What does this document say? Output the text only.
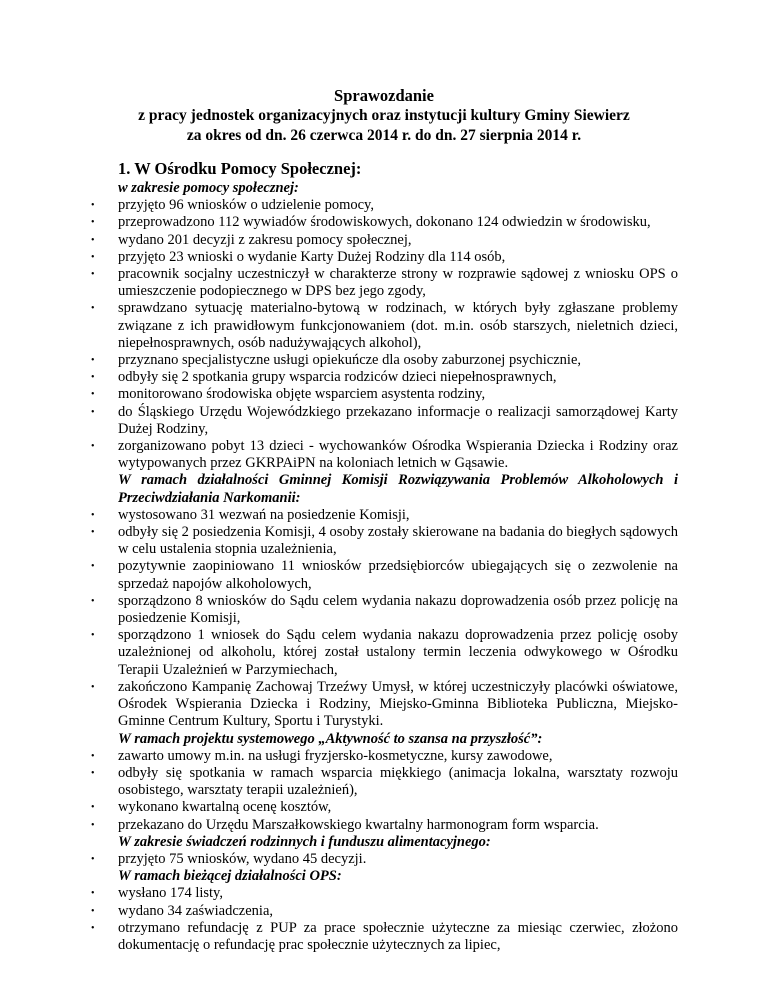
Sprawozdanie
z pracy jednostek organizacyjnych oraz instytucji kultury Gminy Siewierz
za okres od dn. 26 czerwca 2014 r. do dn. 27 sierpnia 2014 r.
1. W Ośrodku Pomocy Społecznej:
w zakresie pomocy społecznej:
• przyjęto 96 wniosków o udzielenie pomocy,
• przeprowadzono 112 wywiadów środowiskowych, dokonano 124 odwiedzin w środowisku,
• wydano 201 decyzji z zakresu pomocy społecznej,
• przyjęto 23 wnioski o wydanie Karty Dużej Rodziny dla 114 osób,
• pracownik socjalny uczestniczył w charakterze strony w rozprawie sądowej z wniosku OPS o umieszczenie podopiecznego w DPS bez jego zgody,
• sprawdzano sytuację materialno-bytową w rodzinach, w których były zgłaszane problemy związane z ich prawidłowym funkcjonowaniem (dot. m.in. osób starszych, nieletnich dzieci, niepełnosprawnych, osób nadużywających alkohol),
• przyznano specjalistyczne usługi opiekuńcze dla osoby zaburzonej psychicznie,
• odbyły się 2 spotkania grupy wsparcia rodziców dzieci niepełnosprawnych,
• monitorowano środowiska objęte wsparciem asystenta rodziny,
• do Śląskiego Urzędu Wojewódzkiego przekazano informacje o realizacji samorządowej Karty Dużej Rodziny,
• zorganizowano pobyt 13 dzieci - wychowanków Ośrodka Wspierania Dziecka i Rodziny oraz wytypowanych przez GKRPAiPN na koloniach letnich w Gąsawie.
W ramach działalności Gminnej Komisji Rozwiązywania Problemów Alkoholowych i Przeciwdziałania Narkomanii:
• wystosowano 31 wezwań na posiedzenie Komisji,
• odbyły się 2 posiedzenia Komisji, 4 osoby zostały skierowane na badania do biegłych sądowych w celu ustalenia stopnia uzależnienia,
• pozytywnie zaopiniowano 11 wniosków przedsiębiorców ubiegających się o zezwolenie na sprzedaż napojów alkoholowych,
• sporządzono 8 wniosków do Sądu celem wydania nakazu doprowadzenia osób przez policję na posiedzenie Komisji,
• sporządzono 1 wniosek do Sądu celem wydania nakazu doprowadzenia przez policję osoby uzależnionej od alkoholu, której został ustalony termin leczenia odwykowego w Ośrodku Terapii Uzależnień w Parzymiechach,
• zakończono Kampanię Zachowaj Trzeźwy Umysł, w której uczestniczyły placówki oświatowe, Ośrodek Wspierania Dziecka i Rodziny, Miejsko-Gminna Biblioteka Publiczna, Miejsko-Gminne Centrum Kultury, Sportu i Turystyki.
W ramach projektu systemowego „Aktywność to szansa na przyszłość”:
• zawarto umowy m.in. na usługi fryzjersko-kosmetyczne, kursy zawodowe,
• odbyły się spotkania w ramach wsparcia miękkiego (animacja lokalna, warsztaty rozwoju osobistego, warsztaty terapii uzależnień),
• wykonano kwartalną ocenę kosztów,
• przekazano do Urzędu Marszałkowskiego kwartalny harmonogram form wsparcia.
W zakresie świadczeń rodzinnych i funduszu alimentacyjnego:
• przyjęto 75 wniosków, wydano 45 decyzji.
W ramach bieżącej działalności OPS:
• wysłano 174 listy,
• wydano 34 zaświadczenia,
• otrzymano refundację z PUP za prace społecznie użyteczne za miesiąc czerwiec, złożono dokumentację o refundację prac społecznie użytecznych za lipiec,
